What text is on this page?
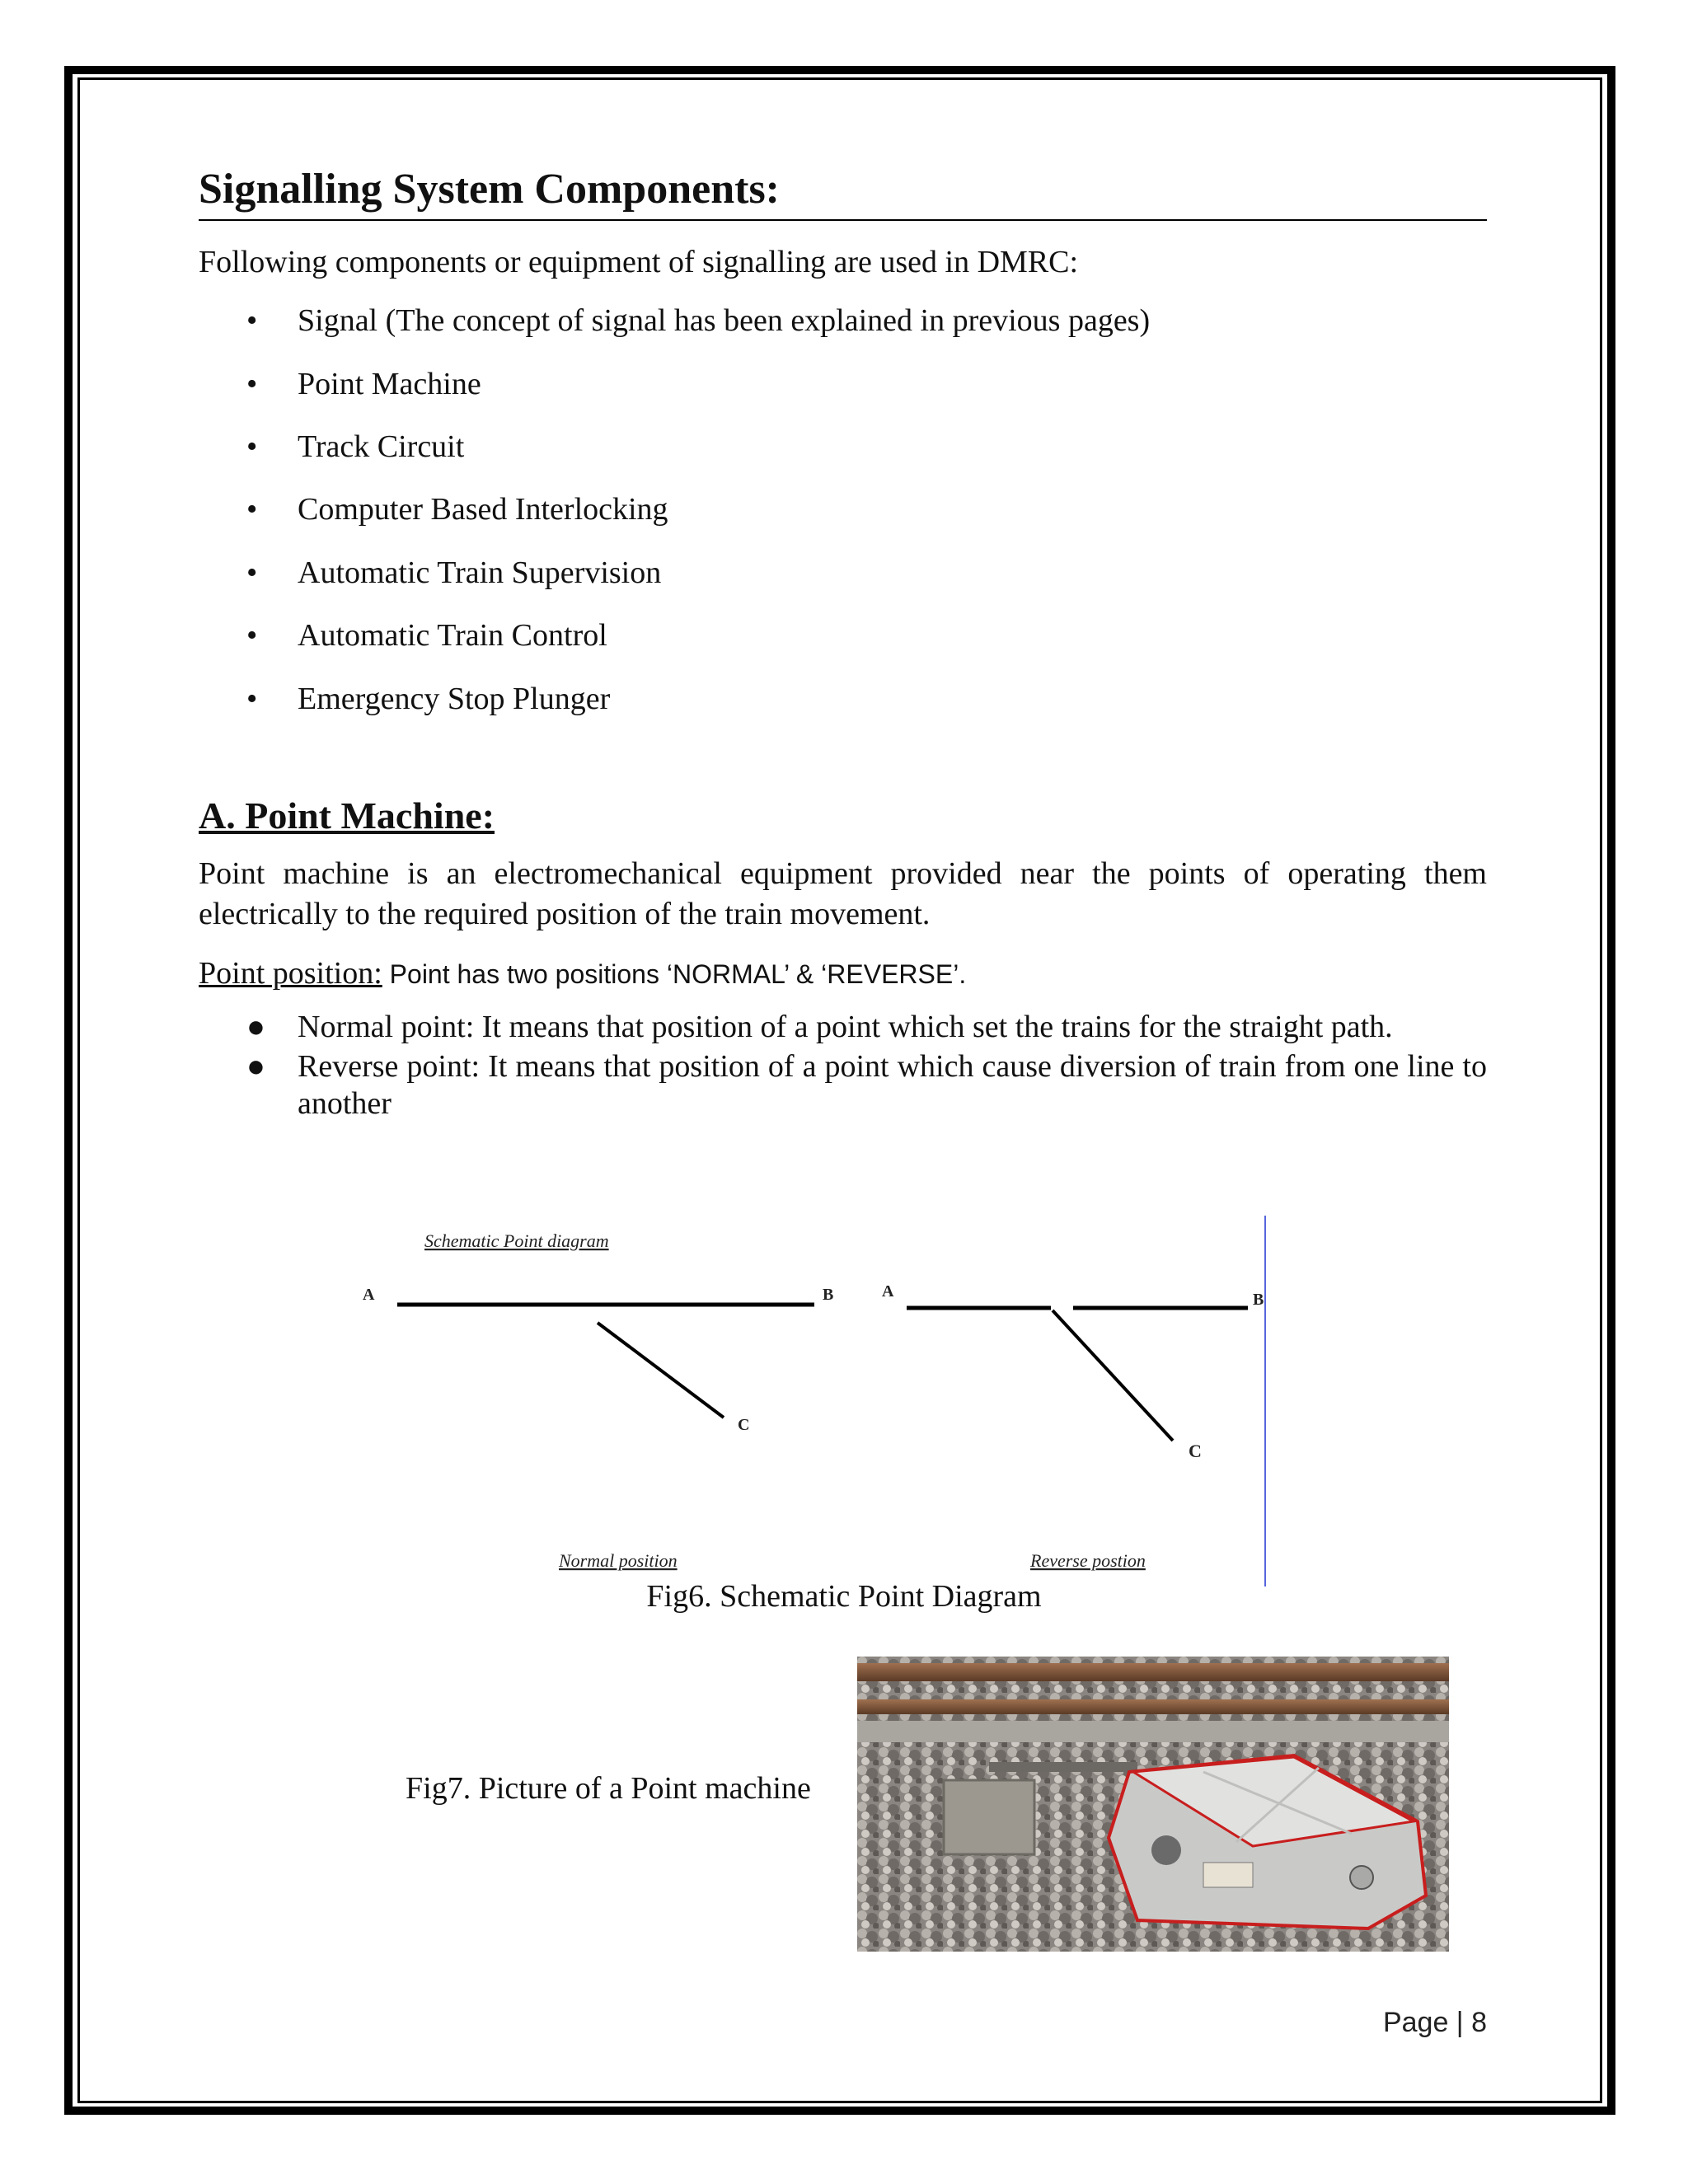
Signalling System Components:

Following components or equipment of signalling are used in DMRC:

• Signal (The concept of signal has been explained in previous pages)
• Point Machine
• Track Circuit
• Computer Based Interlocking
• Automatic Train Supervision
• Automatic Train Control
• Emergency Stop Plunger
A. Point Machine:

Point machine is an electromechanical equipment provided near the points of operating them electrically to the required position of the train movement.

Point position: Point has two positions ‘NORMAL’ & ‘REVERSE’.
● Normal point: It means that position of a point which set the trains for the straight path.
● Reverse point: It means that position of a point which cause diversion of train from one line to another
Schematic Point diagram
A	B
C
A	B
C
Normal position	Reverse postion
Fig6. Schematic Point Diagram
Fig7. Picture of a Point machine
Page | 8
